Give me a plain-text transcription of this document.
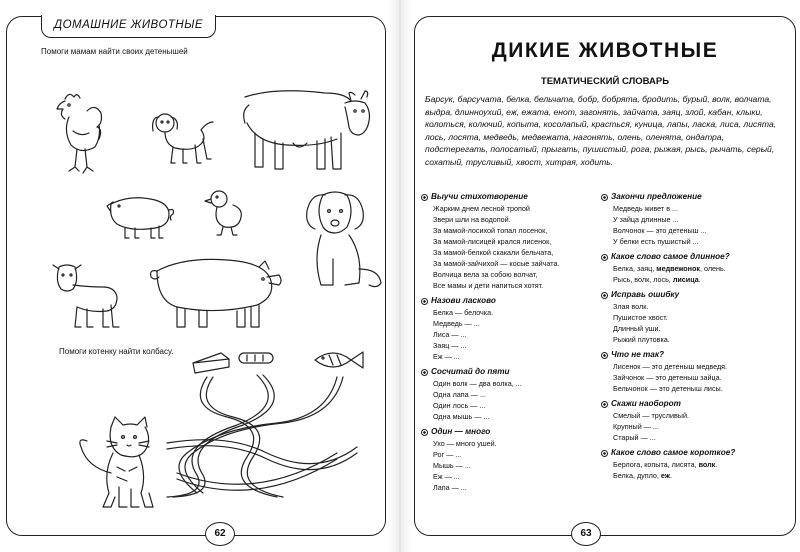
ДОМАШНИЕ ЖИВОТНЫЕ
Помоги мамам найти своих детенышей
Помоги котенку найти колбасу.
62
ДИКИЕ ЖИВОТНЫЕ
ТЕМАТИЧЕСКИЙ СЛОВАРЬ
Барсук, барсучата, белка, бельчата, бобр, бобрята, бродить, бурый, волк, волчата, выдра, длинноухий, еж, ежата, енот, загонять, зайчата, заяц, злой, кабан, клыки, колоться, колючий, копыта, косолапый, красться, куница, лапы, ласка, лиса, лисята, лось, лосята, медведь, медвежата, нагонять, олень, оленята, ондатра, подстерегать, полосатый, прыгать, пушистый, рога, рыжая, рысь, рычать, серый, сохатый, трусливый, хвост, хитрая, ходить.
Выучи стихотворение
Жарким днем лесной тропой
Звери шли на водопой.
За мамой-лосихой топал лосенок,
За мамой-лисицей крался лисенок,
За мамой-белкой скакали бельчата,
За мамой-зайчихой — косые зайчата.
Волчица вела за собою волчат,
Все мамы и дети напиться хотят.
Назови ласково
Белка — белочка.
Медведь — ...
Лиса — ...
Заяц — ...
Еж — ...
Сосчитай до пяти
Один волк — два волка, ...
Одна лапа — ...
Один лось — ...
Одна мышь — ...
Один — много
Ухо — много ушей.
Рог — ...
Мышь — ...
Еж — ...
Лапа — ...
Закончи предложение
Медведь живет в ...
У зайца длинные ...
Волчонок — это детеныш ...
У белки есть пушистый ...
Какое слово самое длинное?
Белка, заяц, медвежонок, олень.
Рысь, волк, лось, лисица.
Исправь ошибку
Злая волк.
Пушистое хвост.
Длинный уши.
Рыжий плутовка.
Что не так?
Лисенок — это детеныш медведя.
Зайчонок — это детеныш зайца.
Бельчонок — это детеныш лисы.
Скажи наоборот
Смелый — трусливый.
Крупный — ...
Старый — ...
Какое слово самое короткое?
Берлога, копыта, лисята, волк.
Белка, дупло, еж.
63
